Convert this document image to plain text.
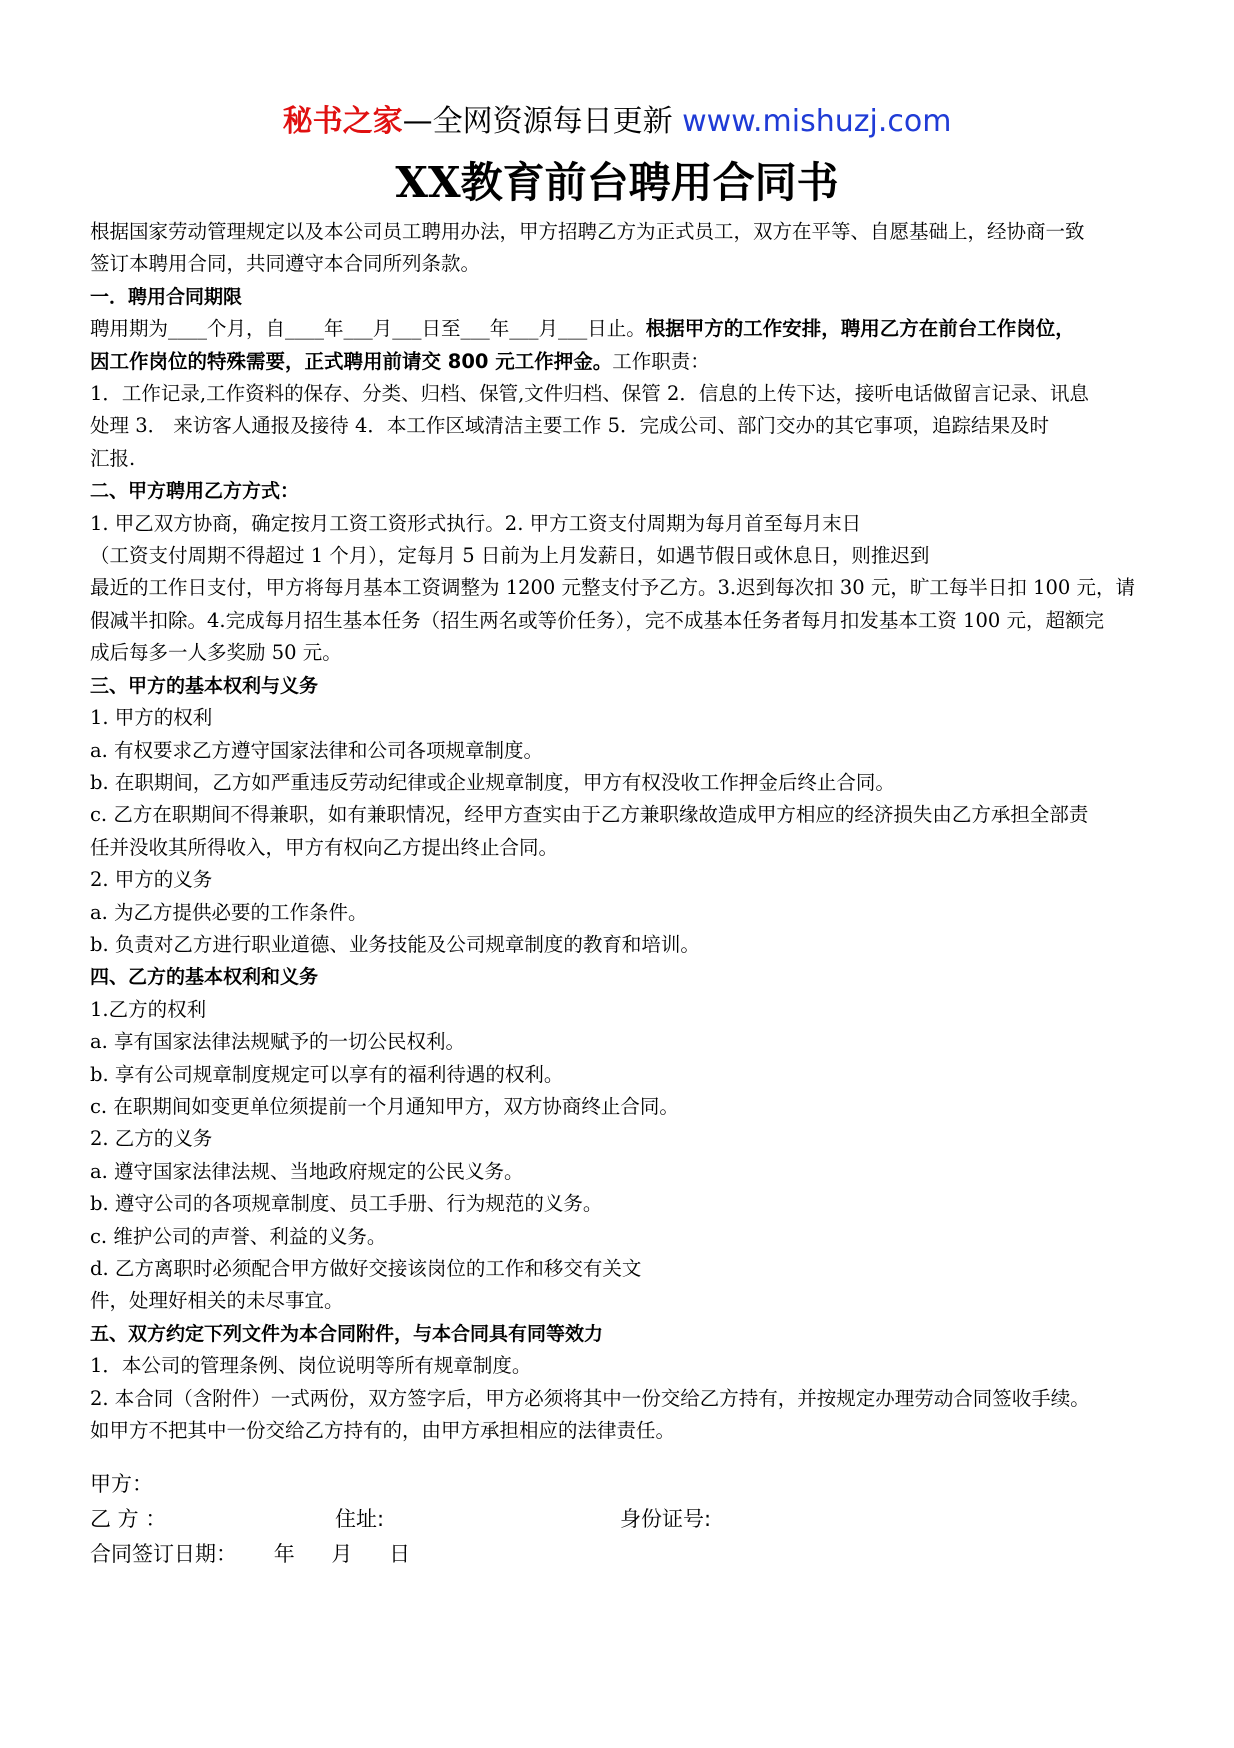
秘书之家—全网资源每日更新 www.mishuzj.com
XX教育前台聘用合同书

根据国家劳动管理规定以及本公司员工聘用办法，甲方招聘乙方为正式员工，双方在平等、自愿基础上，经协商一致

签订本聘用合同，共同遵守本合同所列条款。

一．聘用合同期限

聘用期为____个月，自____年___月___日至___年___月___日止。根据甲方的工作安排，聘用乙方在前台工作岗位，

因工作岗位的特殊需要，正式聘用前请交 800 元工作押金。工作职责：

1．工作记录,工作资料的保存、分类、归档、保管,文件归档、保管 2．信息的上传下达，接听电话做留言记录、讯息

处理 3． 来访客人通报及接待 4．本工作区域清洁主要工作 5．完成公司、部门交办的其它事项，追踪结果及时

汇报.

二、甲方聘用乙方方式：

1. 甲乙双方协商，确定按月工资工资形式执行。2. 甲方工资支付周期为每月首至每月末日

（工资支付周期不得超过 1 个月），定每月 5 日前为上月发薪日，如遇节假日或休息日，则推迟到

最近的工作日支付，甲方将每月基本工资调整为 1200 元整支付予乙方。3.迟到每次扣 30 元，旷工每半日扣 100 元，请

假减半扣除。4.完成每月招生基本任务（招生两名或等价任务），完不成基本任务者每月扣发基本工资 100 元，超额完

成后每多一人多奖励 50 元。

三、甲方的基本权利与义务

1. 甲方的权利

a. 有权要求乙方遵守国家法律和公司各项规章制度。

b. 在职期间，乙方如严重违反劳动纪律或企业规章制度，甲方有权没收工作押金后终止合同。

c. 乙方在职期间不得兼职，如有兼职情况，经甲方查实由于乙方兼职缘故造成甲方相应的经济损失由乙方承担全部责

任并没收其所得收入，甲方有权向乙方提出终止合同。

2. 甲方的义务

a. 为乙方提供必要的工作条件。

b. 负责对乙方进行职业道德、业务技能及公司规章制度的教育和培训。

四、乙方的基本权利和义务

1.乙方的权利

a. 享有国家法律法规赋予的一切公民权利。

b. 享有公司规章制度规定可以享有的福利待遇的权利。

c. 在职期间如变更单位须提前一个月通知甲方，双方协商终止合同。

2. 乙方的义务

a. 遵守国家法律法规、当地政府规定的公民义务。

b. 遵守公司的各项规章制度、员工手册、行为规范的义务。

c. 维护公司的声誉、利益的义务。

d. 乙方离职时必须配合甲方做好交接该岗位的工作和移交有关文

件，处理好相关的未尽事宜。

五、双方约定下列文件为本合同附件，与本合同具有同等效力

1．本公司的管理条例、岗位说明等所有规章制度。

2. 本合同（含附件）一式两份，双方签字后，甲方必须将其中一份交给乙方持有，并按规定办理劳动合同签收手续。

如甲方不把其中一份交给乙方持有的，由甲方承担相应的法律责任。

甲方：
乙 方 ：	住址:	身份证号:
合同签订日期： 年 月 日
